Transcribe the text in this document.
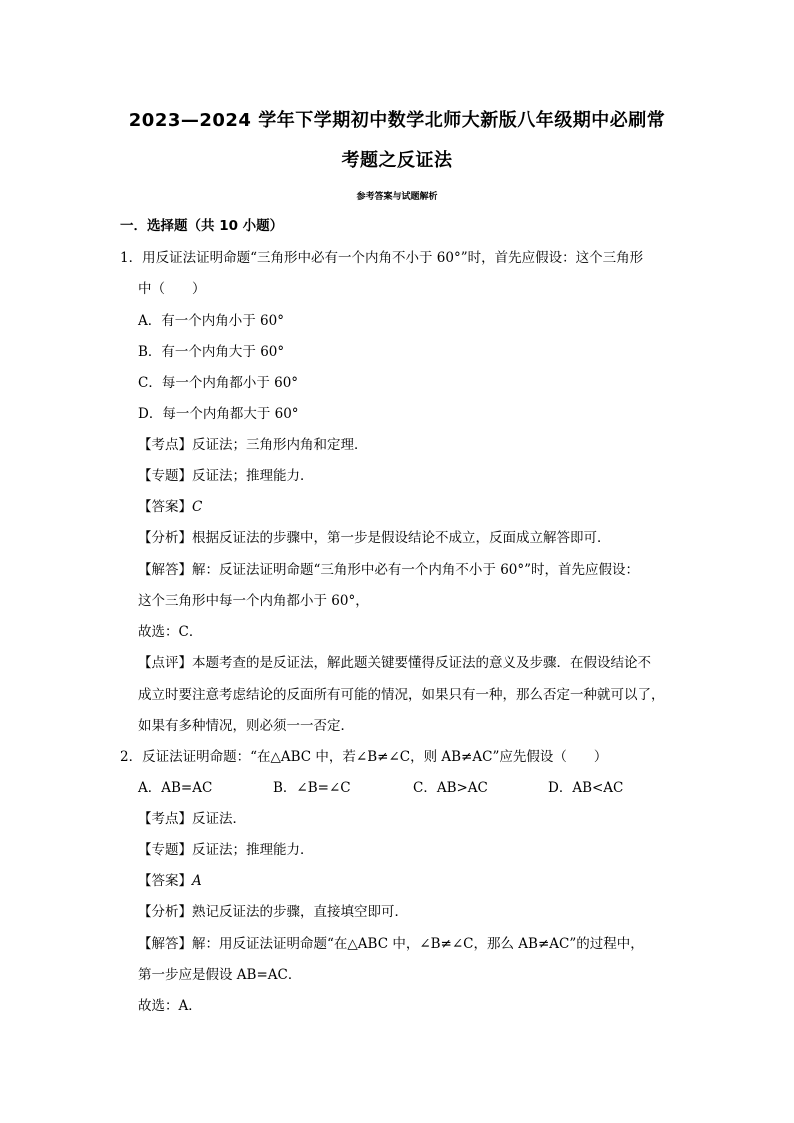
2023—2024 学年下学期初中数学北师大新版八年级期中必刷常
考题之反证法
参考答案与试题解析
一．选择题（共 10 小题）
1．用反证法证明命题“三角形中必有一个内角不小于 60°”时，首先应假设：这个三角形
中（　　）
A．有一个内角小于 60°
B．有一个内角大于 60°
C．每一个内角都小于 60°
D．每一个内角都大于 60°
【考点】反证法；三角形内角和定理．
【专题】反证法；推理能力．
【答案】C
【分析】根据反证法的步骤中，第一步是假设结论不成立，反面成立解答即可．
【解答】解：反证法证明命题“三角形中必有一个内角不小于 60°”时，首先应假设：
这个三角形中每一个内角都小于 60°，
故选：C．
【点评】本题考查的是反证法，解此题关键要懂得反证法的意义及步骤．在假设结论不
成立时要注意考虑结论的反面所有可能的情况，如果只有一种，那么否定一种就可以了，
如果有多种情况，则必须一一否定．
2．反证法证明命题：“在△ABC 中，若∠B≠∠C，则 AB≠AC”应先假设（　　）
A．AB=AC	B．∠B=∠C	C．AB>AC	D．AB<AC
【考点】反证法．
【专题】反证法；推理能力．
【答案】A
【分析】熟记反证法的步骤，直接填空即可．
【解答】解：用反证法证明命题“在△ABC 中，∠B≠∠C，那么 AB≠AC”的过程中，
第一步应是假设 AB=AC．
故选：A．
